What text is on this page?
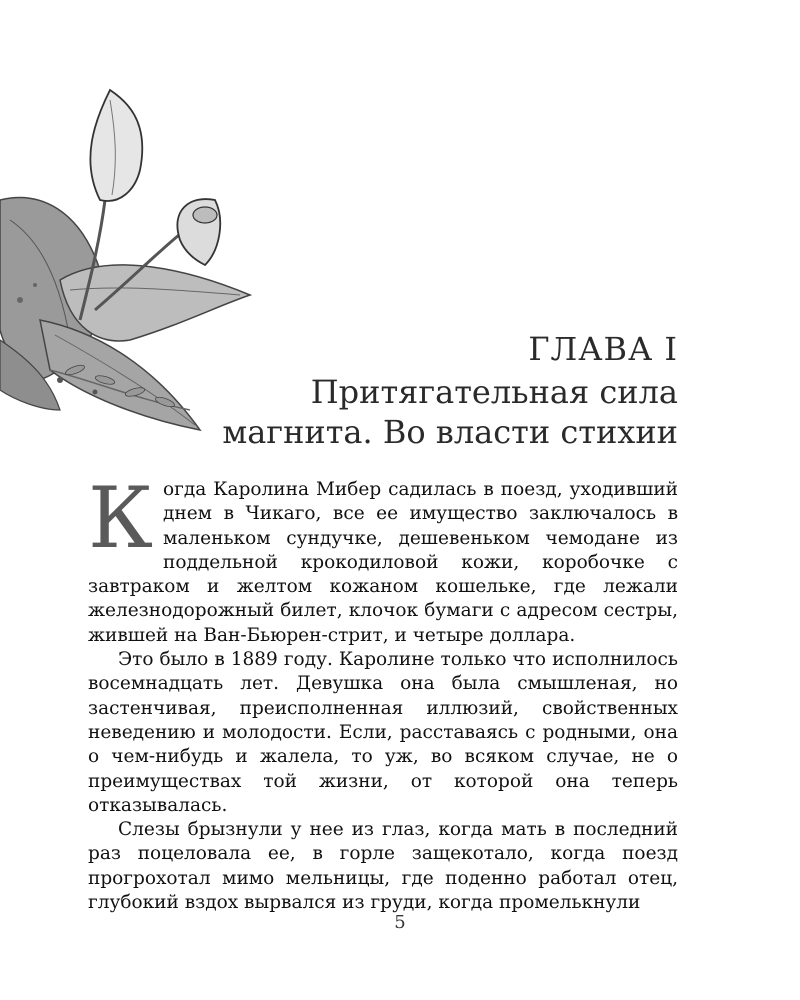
ГЛАВА I
Притягательная сила
магнита. Во власти стихии

Когда Каролина Мибер садилась в поезд, уходивший днем в Чикаго, все ее имущество заключалось в маленьком сундучке, дешевеньком чемодане из поддельной крокодиловой кожи, коробочке с завтраком и желтом кожаном кошельке, где лежали железнодорожный билет, клочок бумаги с адресом сестры, жившей на Ван-Бьюрен-стрит, и четыре доллара.

Это было в 1889 году. Каролине только что исполнилось восемнадцать лет. Девушка она была смышленая, но застенчивая, преисполненная иллюзий, свойственных неведению и молодости. Если, расставаясь с родными, она о чем-нибудь и жалела, то уж, во всяком случае, не о преимуществах той жизни, от которой она теперь отказывалась.

Слезы брызнули у нее из глаз, когда мать в последний раз поцеловала ее, в горле защекотало, когда поезд прогрохотал мимо мельницы, где поденно работал отец, глубокий вздох вырвался из груди, когда промелькнули

5
